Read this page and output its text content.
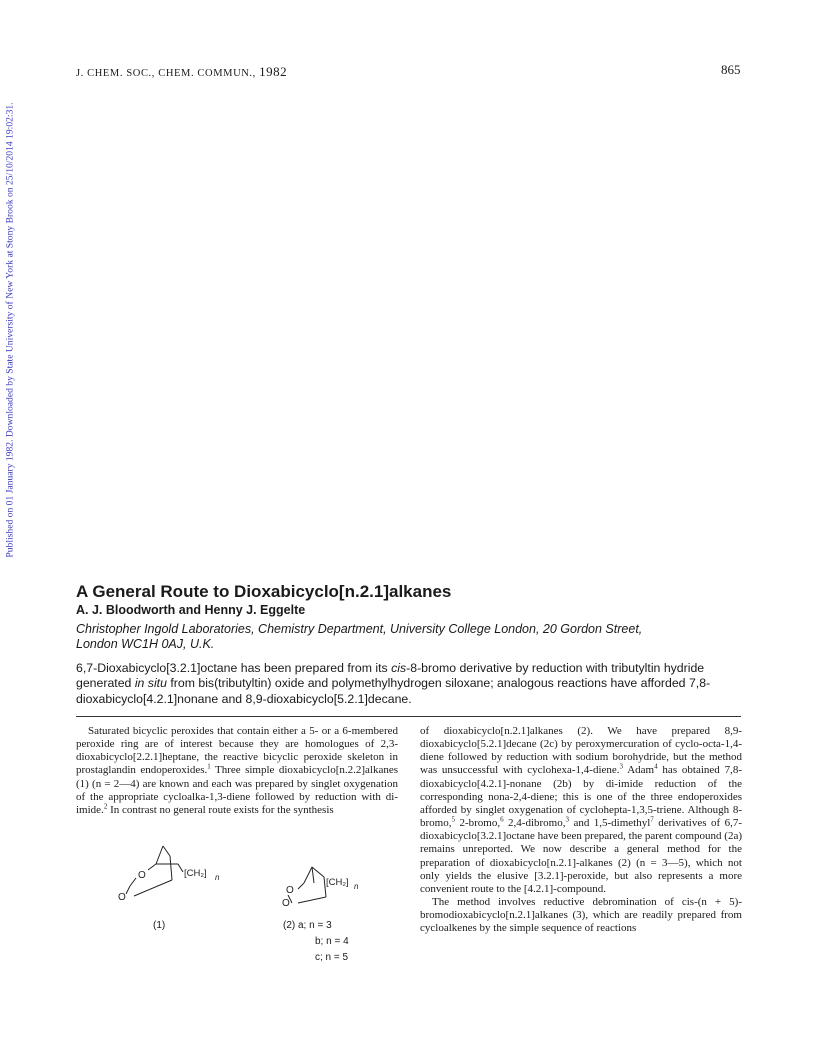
Published on 01 January 1982. Downloaded by State University of New York at Stony Brook on 25/10/2014 19:02:31.
J. CHEM. SOC., CHEM. COMMUN., 1982	865
A General Route to Dioxabicyclo[n.2.1]alkanes
A. J. Bloodworth and Henny J. Eggelte
Christopher Ingold Laboratories, Chemistry Department, University College London, 20 Gordon Street,
London WC1H 0AJ, U.K.
6,7-Dioxabicyclo[3.2.1]octane has been prepared from its cis-8-bromo derivative by reduction with tributyltin hydride generated in situ from bis(tributyltin) oxide and polymethylhydrogen siloxane; analogous reactions have afforded 7,8-dioxabicyclo[4.2.1]nonane and 8,9-dioxabicyclo[5.2.1]decane.

Saturated bicyclic peroxides that contain either a 5- or a 6-membered peroxide ring are of interest because they are homologues of 2,3-dioxabicyclo[2.2.1]heptane, the reactive bicyclic peroxide skeleton in prostaglandin endoperoxides.$^1$ Three simple dioxabicyclo[n.2.2]alkanes (1) (n = 2—4) are known and each was prepared by singlet oxygenation of the appropriate cycloalka-1,3-diene followed by reduction with di-imide.$^2$ In contrast no general route exists for the synthesis

O
O
[CH₂] n
(1)
O
O
[CH₂] n
(2) a; n = 3
b; n = 4
c; n = 5

of dioxabicyclo[n.2.1]alkanes (2). We have prepared 8,9-dioxabicyclo[5.2.1]decane (2c) by peroxymercuration of cyclo-octa-1,4-diene followed by reduction with sodium borohydride, but the method was unsuccessful with cyclohexa-1,4-diene.$^3$ Adam$^4$ has obtained 7,8-dioxabicyclo[4.2.1]-nonane (2b) by di-imide reduction of the corresponding nona-2,4-diene; this is one of the three endoperoxides afforded by singlet oxygenation of cyclohepta-1,3,5-triene. Although 8-bromo,$^5$ 2-bromo,$^6$ 2,4-dibromo,$^3$ and 1,5-dimethyl$^7$ derivatives of 6,7-dioxabicyclo[3.2.1]octane have been prepared, the parent compound (2a) remains unreported. We now describe a general method for the preparation of dioxabicyclo[n.2.1]-alkanes (2) (n = 3—5), which not only yields the elusive [3.2.1]-peroxide, but also represents a more convenient route to the [4.2.1]-compound.

The method involves reductive debromination of cis-(n + 5)-bromodioxabicyclo[n.2.1]alkanes (3), which are readily prepared from cycloalkenes by the simple sequence of reactions
